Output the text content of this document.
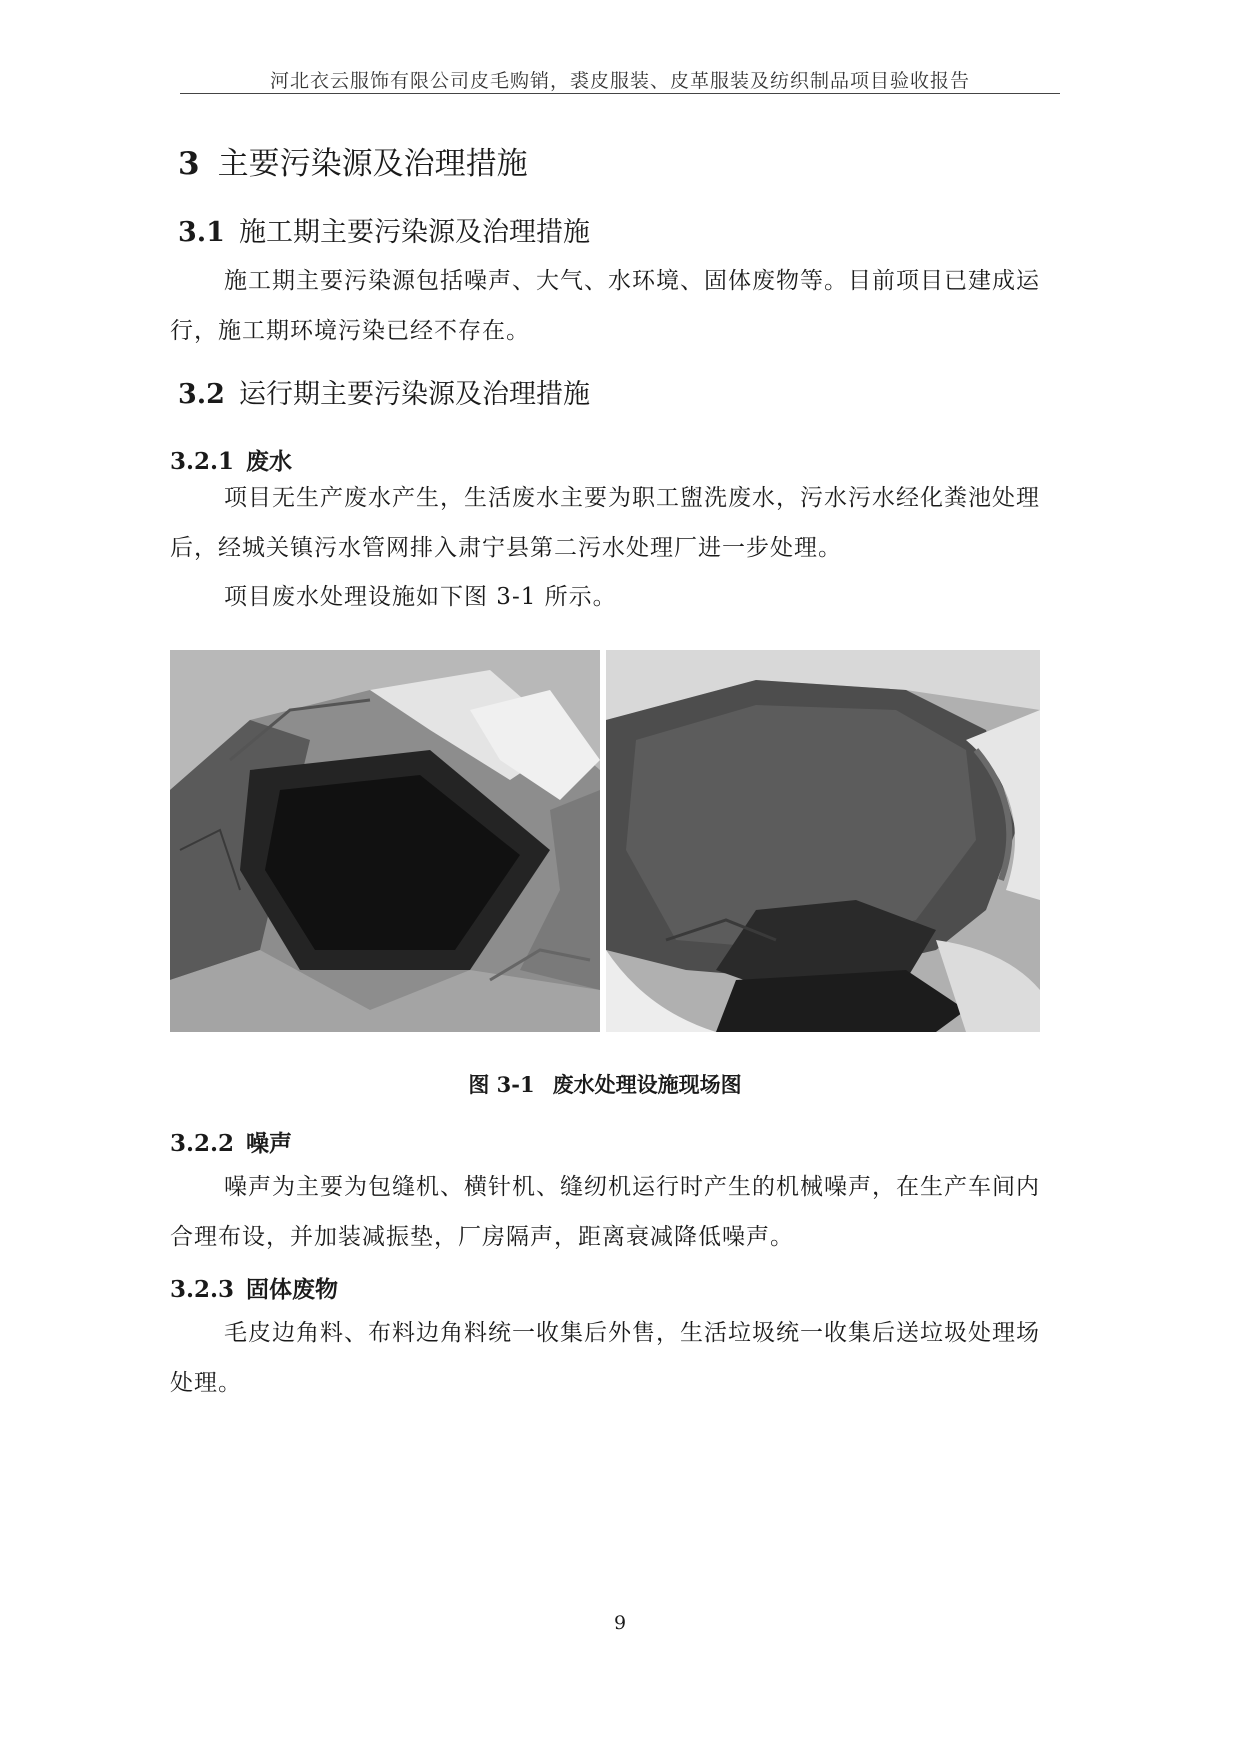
河北衣云服饰有限公司皮毛购销，裘皮服装、皮革服装及纺织制品项目验收报告
3 主要污染源及治理措施
3.1 施工期主要污染源及治理措施

施工期主要污染源包括噪声、大气、水环境、固体废物等。目前项目已建成运行，施工期环境污染已经不存在。

3.2 运行期主要污染源及治理措施
3.2.1 废水

项目无生产废水产生，生活废水主要为职工盥洗废水，污水污水经化粪池处理后，经城关镇污水管网排入肃宁县第二污水处理厂进一步处理。

项目废水处理设施如下图 3-1 所示。

图 3-1 废水处理设施现场图
3.2.2 噪声

噪声为主要为包缝机、横针机、缝纫机运行时产生的机械噪声，在生产车间内合理布设，并加装减振垫，厂房隔声，距离衰减降低噪声。

3.2.3 固体废物

毛皮边角料、布料边角料统一收集后外售，生活垃圾统一收集后送垃圾处理场处理。

9
